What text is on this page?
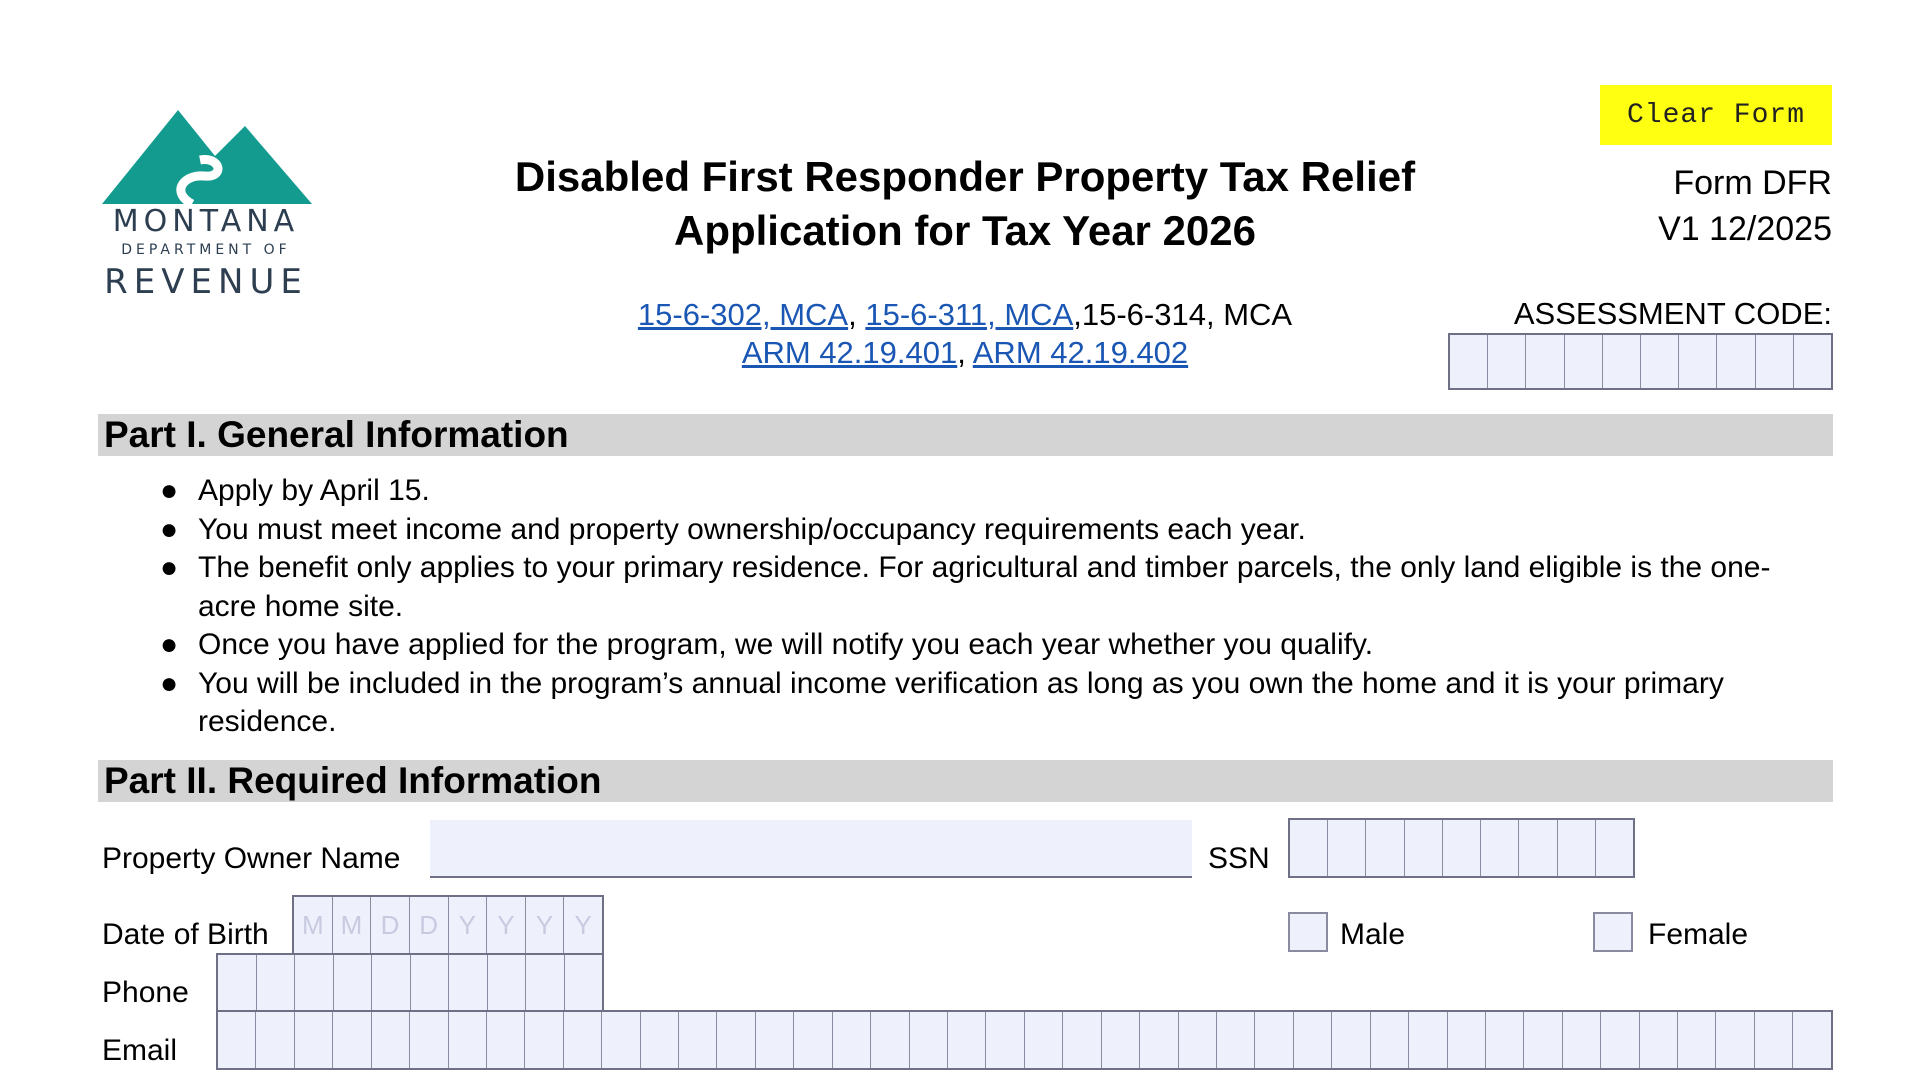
MONTANA
DEPARTMENT OF
REVENUE
Disabled First Responder Property Tax Relief
Application for Tax Year 2026
15-6-302, MCA, 15-6-311, MCA,15-6-314, MCA
ARM 42.19.401, ARM 42.19.402
Clear Form
Form DFR
V1 12/2025
ASSESSMENT CODE:
Part I. General Information
● Apply by April 15.
● You must meet income and property ownership/occupancy requirements each year.
● The benefit only applies to your primary residence. For agricultural and timber parcels, the only land eligible is the one-acre home site.
● Once you have applied for the program, we will notify you each year whether you qualify.
● You will be included in the program’s annual income verification as long as you own the home and it is your primary residence.
Part II. Required Information
Property Owner Name	SSN
Date of Birth	M M D D Y Y Y Y	Male	Female
Phone
Email
